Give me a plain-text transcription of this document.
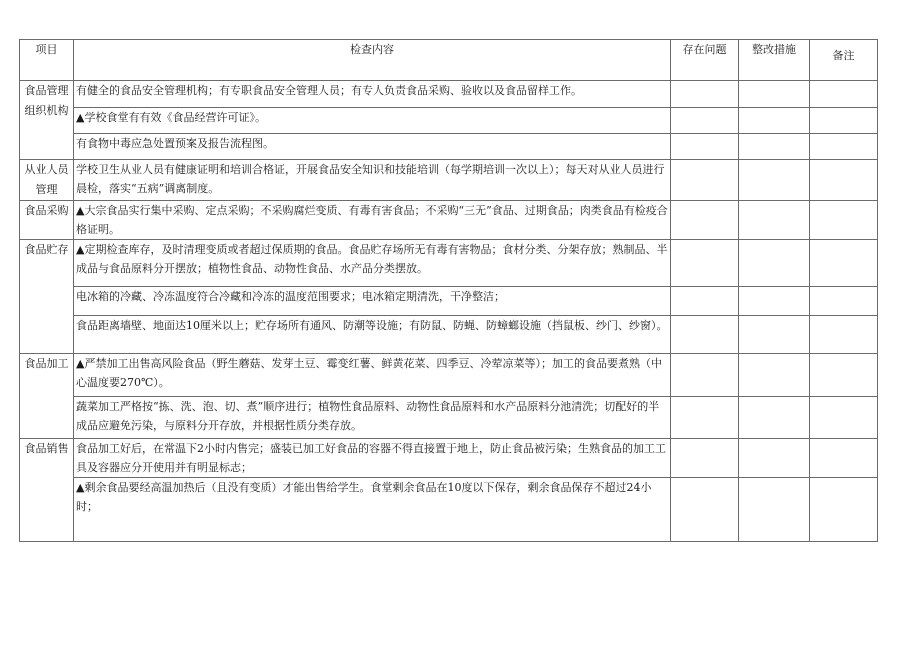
项目	检查内容	存在问题	整改措施	备注
食品管理组织机构	有健全的食品安全管理机构；有专职食品安全管理人员；有专人负责食品采购、验收以及食品留样工作。			
	▲学校食堂有有效《食品经营许可证》。			
	有食物中毒应急处置预案及报告流程图。			
从业人员管理	学校卫生从业人员有健康证明和培训合格证，开展食品安全知识和技能培训（每学期培训一次以上）；每天对从业人员进行晨检，落实“五病”调离制度。			
食品采购	▲大宗食品实行集中采购、定点采购；不采购腐烂变质、有毒有害食品；不采购“三无”食品、过期食品；肉类食品有检疫合格证明。			
食品贮存	▲定期检查库存，及时清理变质或者超过保质期的食品。食品贮存场所无有毒有害物品；食材分类、分架存放；熟制品、半成品与食品原料分开摆放；植物性食品、动物性食品、水产品分类摆放。			
	电冰箱的冷藏、冷冻温度符合冷藏和冷冻的温度范围要求；电冰箱定期清洗，干净整洁；			
	食品距离墙壁、地面达10厘米以上；贮存场所有通风、防潮等设施；有防鼠、防蝇、防蟑螂设施（挡鼠板、纱门、纱窗）。			
食品加工	▲严禁加工出售高风险食品（野生蘑菇、发芽土豆、霉变红薯、鲜黄花菜、四季豆、冷荤凉菜等）；加工的食品要煮熟（中心温度要270℃）。			
	蔬菜加工严格按“拣、洗、泡、切、煮”顺序进行；植物性食品原料、动物性食品原料和水产品原料分池清洗；切配好的半成品应避免污染，与原料分开存放，并根据性质分类存放。			
食品销售	食品加工好后，在常温下2小时内售完；盛装已加工好食品的容器不得直接置于地上，防止食品被污染；生熟食品的加工工具及容器应分开使用并有明显标志；			
	▲剩余食品要经高温加热后（且没有变质）才能出售给学生。食堂剩余食品在10度以下保存，剩余食品保存不超过24小时；			
